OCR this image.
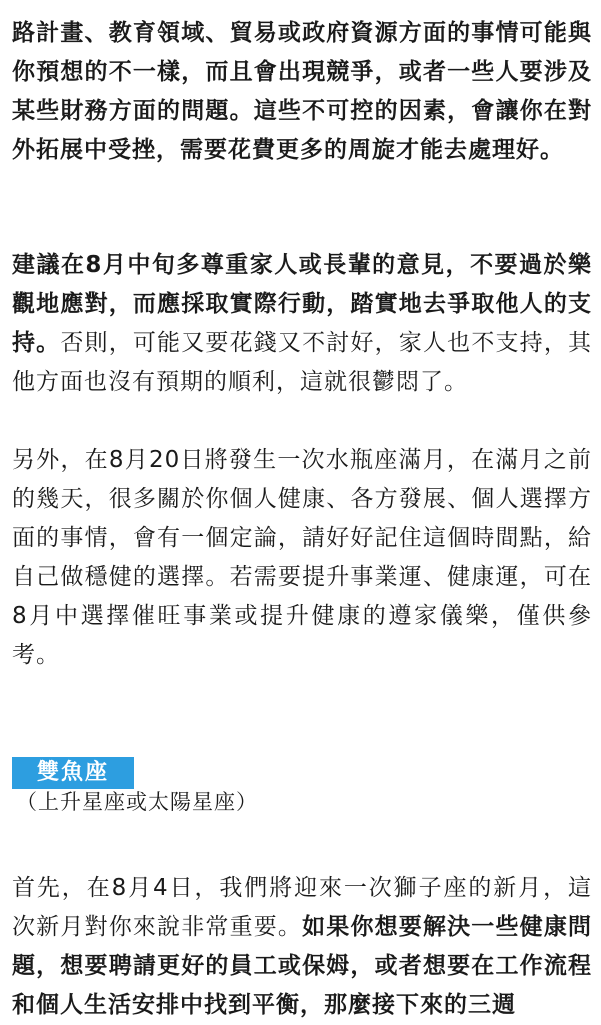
路計畫、教育領域、貿易或政府資源方面的事情可能與你預想的不一樣，而且會出現競爭，或者一些人要涉及某些財務方面的問題。這些不可控的因素，會讓你在對外拓展中受挫，需要花費更多的周旋才能去處理好。

建議在8月中旬多尊重家人或長輩的意見，不要過於樂觀地應對，而應採取實際行動，踏實地去爭取他人的支持。否則，可能又要花錢又不討好，家人也不支持，其他方面也沒有預期的順利，這就很鬱悶了。

另外，在8月20日將發生一次水瓶座滿月，在滿月之前的幾天，很多關於你個人健康、各方發展、個人選擇方面的事情，會有一個定論，請好好記住這個時間點，給自己做穩健的選擇。若需要提升事業運、健康運，可在8月中選擇催旺事業或提升健康的遵家儀樂，僅供參考。

首先，在8月4日，我們將迎來一次獅子座的新月，這次新月對你來說非常重要。如果你想要解決一些健康問題，想要聘請更好的員工或保姆，或者想要在工作流程和個人生活安排中找到平衡，那麼接下來的三週

雙魚座
（上升星座或太陽星座）
